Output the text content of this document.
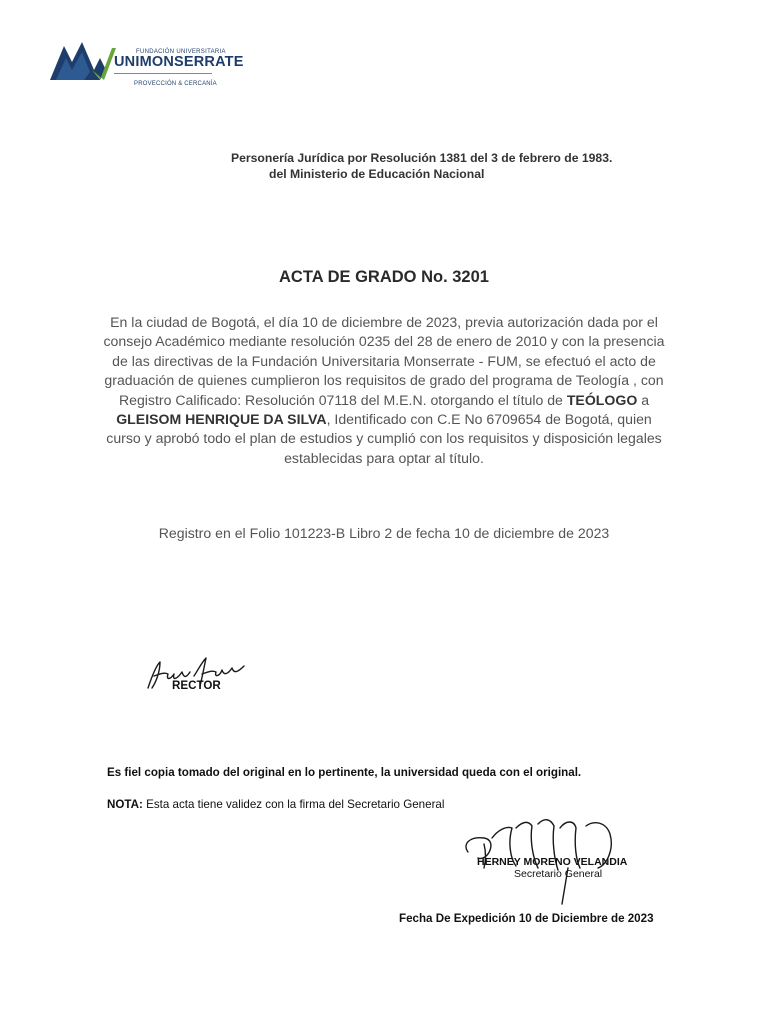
FUNDACIÓN UNIVERSITARIA
UNIMONSERRATE
PROVECCIÓN & CERCANÍA
Personería Jurídica por Resolución 1381 del 3 de febrero de 1983.
del Ministerio de Educación Nacional
ACTA DE GRADO No. 3201
En la ciudad de Bogotá, el día 10 de diciembre de 2023, previa autorización dada por el consejo Académico mediante resolución 0235 del 28 de enero de 2010 y con la presencia de las directivas de la Fundación Universitaria Monserrate - FUM, se efectuó el acto de graduación de quienes cumplieron los requisitos de grado del programa de Teología , con Registro Calificado: Resolución 07118 del M.E.N. otorgando el título de TEÓLOGO a GLEISOM HENRIQUE DA SILVA, Identificado con C.E No 6709654 de Bogotá, quien curso y aprobó todo el plan de estudios y cumplió con los requisitos y disposición legales establecidas para optar al título.
Registro en el Folio 101223-B Libro 2 de fecha 10 de diciembre de 2023
RECTOR
Es fiel copia tomado del original en lo pertinente, la universidad queda con el original.
NOTA: Esta acta tiene validez con la firma del Secretario General
HERNEY MORENO VELANDIA
Secretario General
Fecha De Expedición 10 de Diciembre de 2023
